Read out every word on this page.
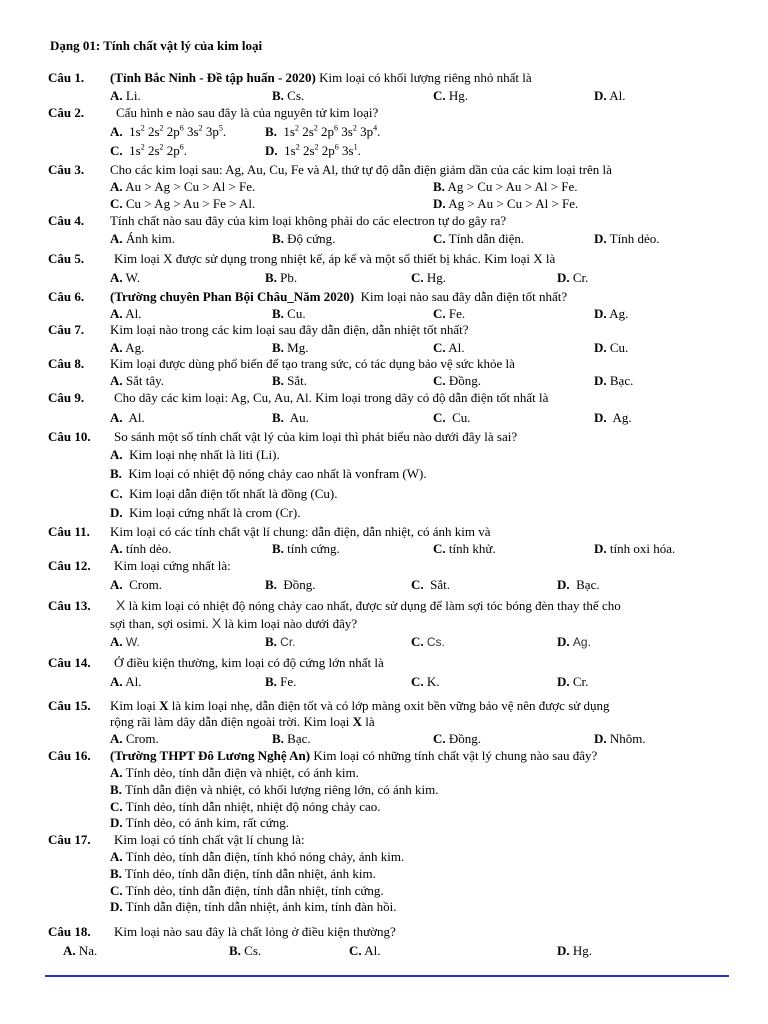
Dạng 01: Tính chất vật lý của kim loại
Câu 1. (Tỉnh Bắc Ninh - Đề tập huấn - 2020) Kim loại có khối lượng riêng nhỏ nhất là
A. Li.	B. Cs.	C. Hg.	D. Al.
Câu 2. Cấu hình e nào sau đây là của nguyên tử kim loại?
A. $1s^2$ $2s^2$ $2p^6$ $3s^2$ $3p^5$.	B. $1s^2$ $2s^2$ $2p^6$ $3s^2$ $3p^4$.
C. $1s^2$ $2s^2$ $2p^6$.	D. $1s^2$ $2s^2$ $2p^6$ $3s^1$.
Câu 3. Cho các kim loại sau: Ag, Au, Cu, Fe và Al, thứ tự độ dẫn điện giảm dần của các kim loại trên là
A. Au > Ag > Cu > Al > Fe.	B. Ag > Cu > Au > Al > Fe.
C. Cu > Ag > Au > Fe > Al.	D. Ag > Au > Cu > Al > Fe.
Câu 4. Tính chất nào sau đây của kim loại không phải do các electron tự do gây ra?
A. Ánh kim.	B. Độ cứng.	C. Tính dẫn điện.	D. Tính dẻo.
Câu 5. Kim loại X được sử dụng trong nhiệt kế, áp kế và một số thiết bị khác. Kim loại X là
A. W.	B. Pb.	C. Hg.	D. Cr.
Câu 6. (Trường chuyên Phan Bội Châu_Năm 2020) Kim loại nào sau đây dẫn điện tốt nhất?
A. Al.	B. Cu.	C. Fe.	D. Ag.
Câu 7. Kim loại nào trong các kim loại sau đây dẫn điện, dẫn nhiệt tốt nhất?
A. Ag.	B. Mg.	C. Al.	D. Cu.
Câu 8. Kim loại được dùng phổ biến để tạo trang sức, có tác dụng bảo vệ sức khỏe là
A. Sắt tây.	B. Sắt.	C. Đồng.	D. Bạc.
Câu 9. Cho dãy các kim loại: Ag, Cu, Au, Al. Kim loại trong dãy có độ dẫn điện tốt nhất là
A. Al.	B. Au.	C. Cu.	D. Ag.
Câu 10. So sánh một số tính chất vật lý của kim loại thì phát biểu nào dưới đây là sai?
A. Kim loại nhẹ nhất là liti (Li).
B. Kim loại có nhiệt độ nóng chảy cao nhất là vonfram (W).
C. Kim loại dẫn điện tốt nhất là đồng (Cu).
D. Kim loại cứng nhất là crom (Cr).
Câu 11. Kim loại có các tính chất vật lí chung: dẫn điện, dẫn nhiệt, có ánh kim và
A. tính dẻo.	B. tính cứng.	C. tính khử.	D. tính oxi hóa.
Câu 12. Kim loại cứng nhất là:
A. Crom.	B. Đồng.	C. Sắt.	D. Bạc.
Câu 13. X là kim loại có nhiệt độ nóng chảy cao nhất, được sử dụng để làm sợi tóc bóng đèn thay thế cho
sợi than, sợi osimi. X là kim loại nào dưới đây?
A. W.	B. Cr.	C. Cs.	D. Ag.
Câu 14. Ở điều kiện thường, kim loại có độ cứng lớn nhất là
A. Al.	B. Fe.	C. K.	D. Cr.
Câu 15. Kim loại X là kim loại nhẹ, dẫn điện tốt và có lớp màng oxit bền vững bảo vệ nên được sử dụng
rộng rãi làm dây dẫn điện ngoài trời. Kim loại X là
A. Crom.	B. Bạc.	C. Đồng.	D. Nhôm.
Câu 16. (Trường THPT Đô Lương Nghệ An) Kim loại có những tính chất vật lý chung nào sau đây?
A. Tính dẻo, tính dẫn điện và nhiệt, có ánh kim.
B. Tính dẫn điện và nhiệt, có khối lượng riêng lớn, có ánh kim.
C. Tính dẻo, tính dẫn nhiệt, nhiệt độ nóng chảy cao.
D. Tính dẻo, có ánh kim, rất cứng.
Câu 17. Kim loại có tính chất vật lí chung là:
A. Tính dẻo, tính dẫn điện, tính khó nóng chảy, ánh kim.
B. Tính dẻo, tính dẫn điện, tính dẫn nhiệt, ánh kim.
C. Tính dẻo, tính dẫn điện, tính dẫn nhiệt, tính cứng.
D. Tính dẫn điện, tính dẫn nhiệt, ánh kim, tính đàn hồi.
Câu 18. Kim loại nào sau đây là chất lỏng ở điều kiện thường?
A. Na.	B. Cs.	C. Al.	D. Hg.
